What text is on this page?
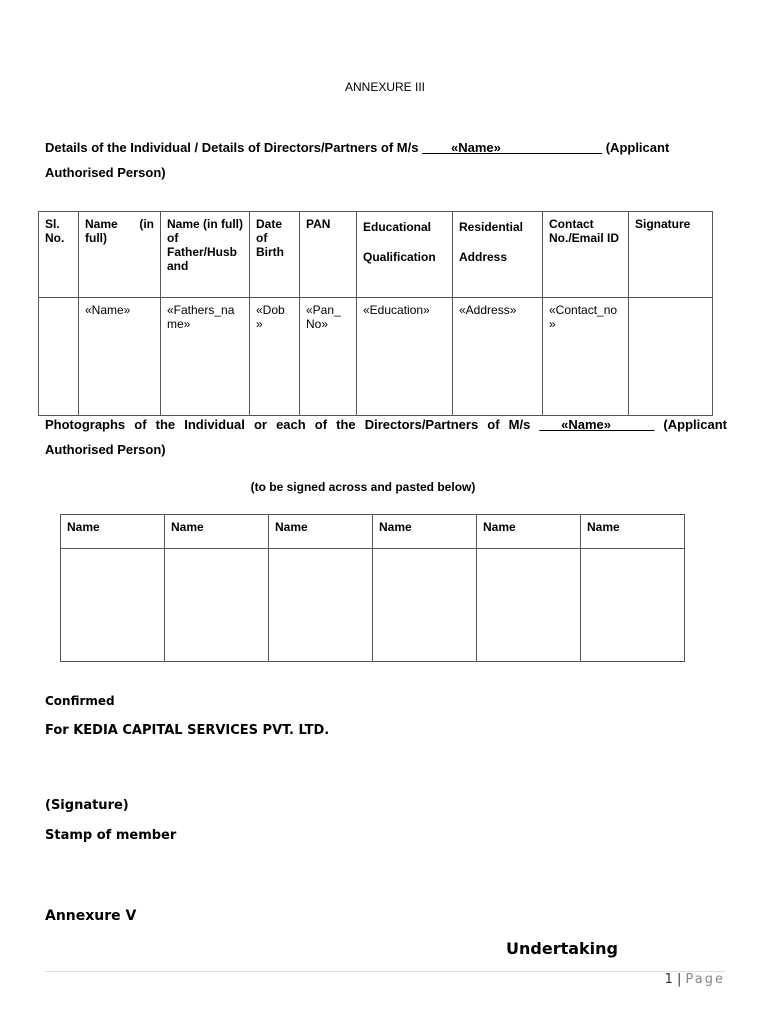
ANNEXURE III
Details of the Individual / Details of Directors/Partners of M/s ____«Name»______________ (Applicant Authorised Person)
Sl. No.	Name (in full)	Name (in full) of Father/Husb and	Date of Birth	PAN	Educational Qualification	Residential Address	Contact No./Email ID	Signature
	«Name»	«Fathers_na me»	«Dob »	«Pan_ No»	«Education»	«Address»	«Contact_no »	
Photographs of the Individual or each of the Directors/Partners of M/s ___«Name»______ (Applicant Authorised Person)
(to be signed across and pasted below)
Name	Name	Name	Name	Name	Name

Confirmed
For KEDIA CAPITAL SERVICES PVT. LTD.
(Signature)
Stamp of member
Annexure V
Undertaking
1 | Page
